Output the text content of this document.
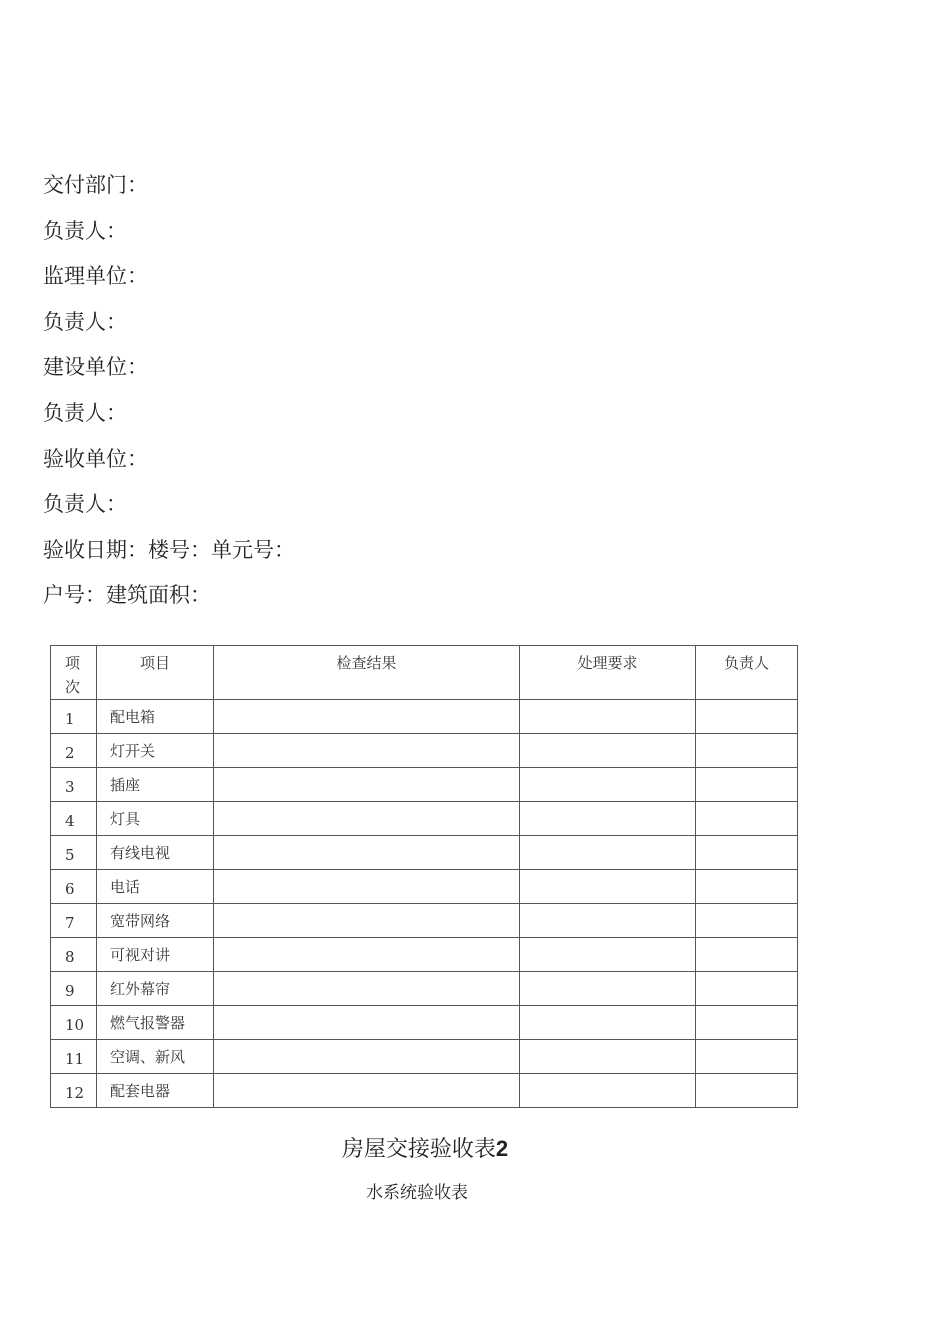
交付部门：
负责人：
监理单位：
负责人：
建设单位：
负责人：
验收单位：
负责人：
验收日期：楼号：单元号：
户号：建筑面积：
项次	项目	检查结果	处理要求	负责人
1	配电箱			
2	灯开关			
3	插座			
4	灯具			
5	有线电视			
6	电话			
7	宽带网络			
8	可视对讲			
9	红外幕帘			
10	燃气报警器			
11	空调、新风			
12	配套电器			
房屋交接验收表2
水系统验收表
